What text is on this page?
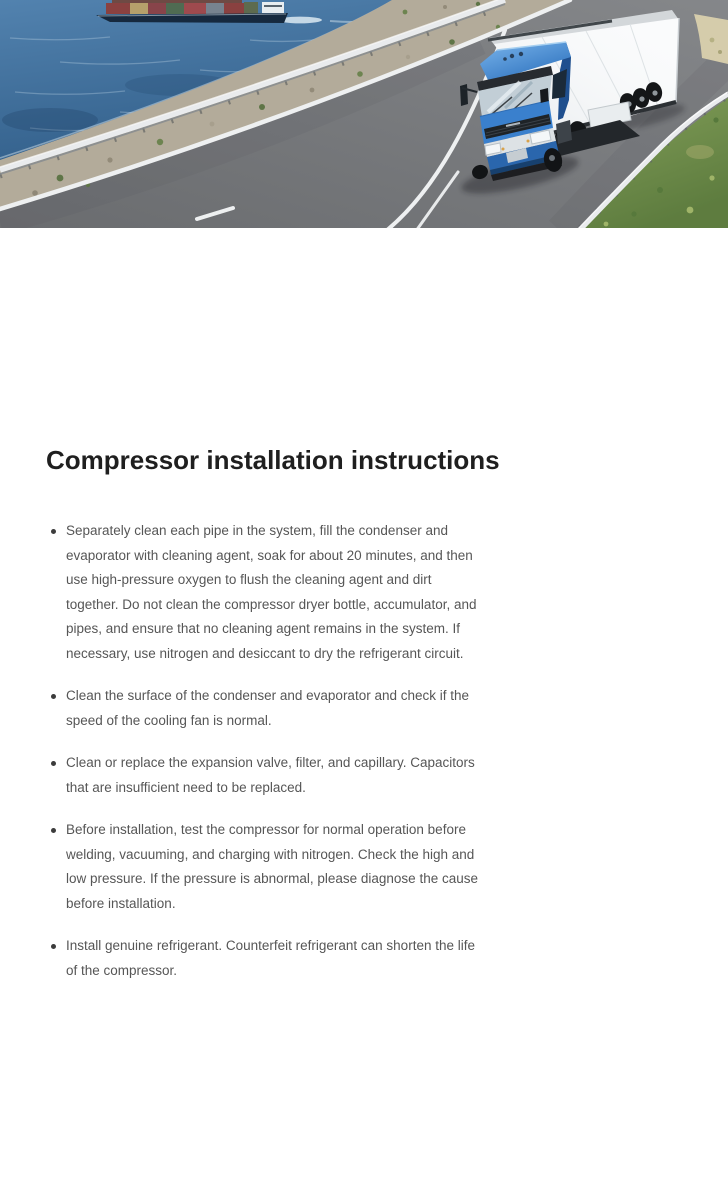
Compressor installation instructions
Separately clean each pipe in the system, fill the condenser and evaporator with cleaning agent, soak for about 20 minutes, and then use high-pressure oxygen to flush the cleaning agent and dirt together. Do not clean the compressor dryer bottle, accumulator, and pipes, and ensure that no cleaning agent remains in the system. If necessary, use nitrogen and desiccant to dry the refrigerant circuit.
Clean the surface of the condenser and evaporator and check if the speed of the cooling fan is normal.
Clean or replace the expansion valve, filter, and capillary. Capacitors that are insufficient need to be replaced.
Before installation, test the compressor for normal operation before welding, vacuuming, and charging with nitrogen. Check the high and low pressure. If the pressure is abnormal, please diagnose the cause before installation.
Install genuine refrigerant. Counterfeit refrigerant can shorten the life of the compressor.
